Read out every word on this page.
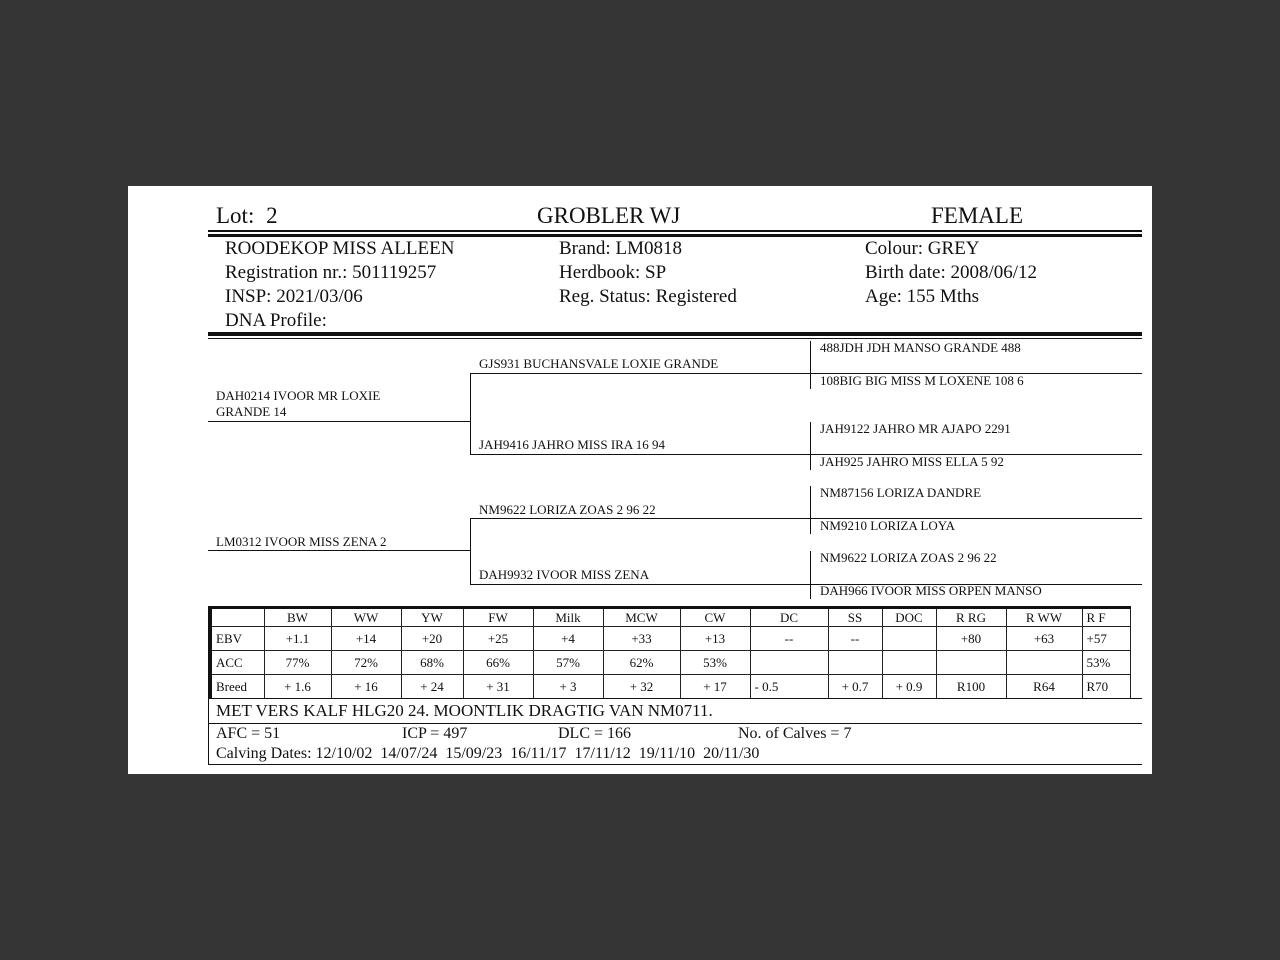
Lot: 2	GROBLER WJ	FEMALE
ROODEKOP MISS ALLEEN
Registration nr.: 501119257
INSP: 2021/03/06
DNA Profile:
Brand: LM0818
Herdbook: SP
Reg. Status: Registered
Colour: GREY
Birth date: 2008/06/12
Age: 155 Mths
DAH0214 IVOOR MR LOXIE GRANDE 14
LM0312 IVOOR MISS ZENA 2
GJS931 BUCHANSVALE LOXIE GRANDE
JAH9416 JAHRO MISS IRA 16 94
NM9622 LORIZA ZOAS 2 96 22
DAH9932 IVOOR MISS ZENA
488JDH JDH MANSO GRANDE 488
108BIG BIG MISS M LOXENE 108 6
JAH9122 JAHRO MR AJAPO 2291
JAH925 JAHRO MISS ELLA 5 92
NM87156 LORIZA DANDRE
NM9210 LORIZA LOYA
NM9622 LORIZA ZOAS 2 96 22
DAH966 IVOOR MISS ORPEN MANSO
	BW	WW	YW	FW	Milk	MCW	CW	DC	SS	DOC	R RG	R WW	R F
EBV	+1.1	+14	+20	+25	+4	+33	+13	--	--		+80	+63	+57
ACC	77%	72%	68%	66%	57%	62%	53%						53%
Breed	+ 1.6	+ 16	+ 24	+ 31	+ 3	+ 32	+ 17	- 0.5	+ 0.7	+ 0.9	R100	R64	R70
MET VERS KALF HLG20 24. MOONTLIK DRAGTIG VAN NM0711.
AFC = 51	ICP = 497	DLC = 166	No. of Calves = 7
Calving Dates: 12/10/02  14/07/24  15/09/23  16/11/17  17/11/12  19/11/10  20/11/30
